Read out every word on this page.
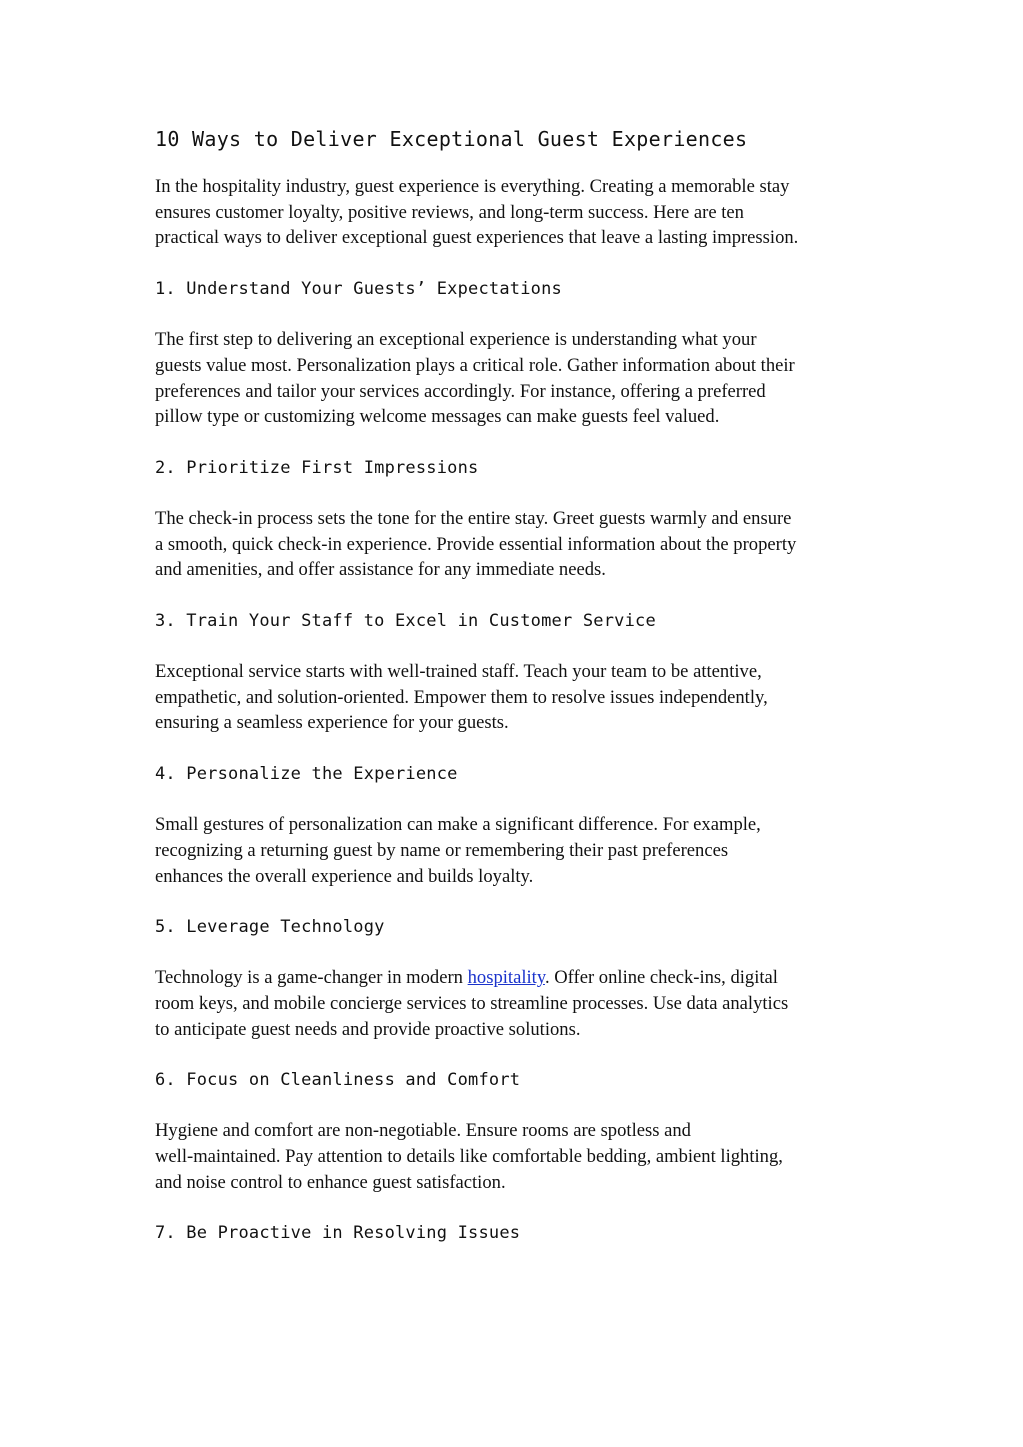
10 Ways to Deliver Exceptional Guest Experiences

In the hospitality industry, guest experience is everything. Creating a memorable stay
ensures customer loyalty, positive reviews, and long-term success. Here are ten
practical ways to deliver exceptional guest experiences that leave a lasting impression.

1. Understand Your Guests’ Expectations

The first step to delivering an exceptional experience is understanding what your
guests value most. Personalization plays a critical role. Gather information about their
preferences and tailor your services accordingly. For instance, offering a preferred
pillow type or customizing welcome messages can make guests feel valued.

2. Prioritize First Impressions

The check-in process sets the tone for the entire stay. Greet guests warmly and ensure
a smooth, quick check-in experience. Provide essential information about the property
and amenities, and offer assistance for any immediate needs.

3. Train Your Staff to Excel in Customer Service

Exceptional service starts with well-trained staff. Teach your team to be attentive,
empathetic, and solution-oriented. Empower them to resolve issues independently,
ensuring a seamless experience for your guests.

4. Personalize the Experience

Small gestures of personalization can make a significant difference. For example,
recognizing a returning guest by name or remembering their past preferences
enhances the overall experience and builds loyalty.

5. Leverage Technology

Technology is a game-changer in modern hospitality. Offer online check-ins, digital
room keys, and mobile concierge services to streamline processes. Use data analytics
to anticipate guest needs and provide proactive solutions.

6. Focus on Cleanliness and Comfort

Hygiene and comfort are non-negotiable. Ensure rooms are spotless and
well-maintained. Pay attention to details like comfortable bedding, ambient lighting,
and noise control to enhance guest satisfaction.

7. Be Proactive in Resolving Issues
